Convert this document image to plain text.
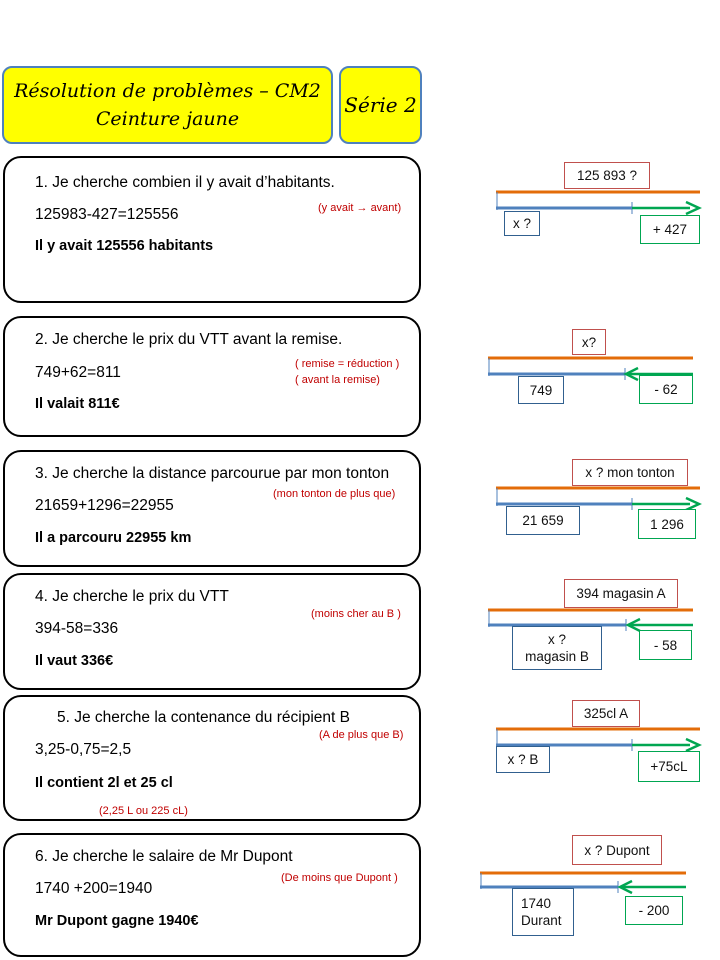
Résolution de problèmes – CM2
Ceinture jaune
Série 2
1. Je cherche combien il y avait d’habitants.
125983-427=125556
Il y avait 125556 habitants
(y avait → avant)
2. Je cherche le prix du VTT avant la remise.
749+62=811
Il valait 811€
( remise = réduction )
( avant la remise)
3. Je cherche la distance parcourue par mon tonton
21659+1296=22955
Il a parcouru 22955 km
(mon tonton de plus que)
4. Je cherche le prix du VTT
394-58=336
Il vaut 336€
(moins cher au B )
5. Je cherche la contenance du récipient B
3,25-0,75=2,5
Il contient 2l et 25 cl
(A de plus que B)
(2,25 L ou 225 cL)
6. Je cherche le salaire de Mr Dupont
1740 +200=1940
Mr Dupont gagne 1940€
(De moins que Dupont )
125 893 ?
x ?	+ 427
x?
749	- 62
x ? mon tonton
21 659	1 296
394 magasin A
x ?
magasin B
- 58
325cl A
x ? B	+75cL
x ? Dupont
1740
Durant
- 200
